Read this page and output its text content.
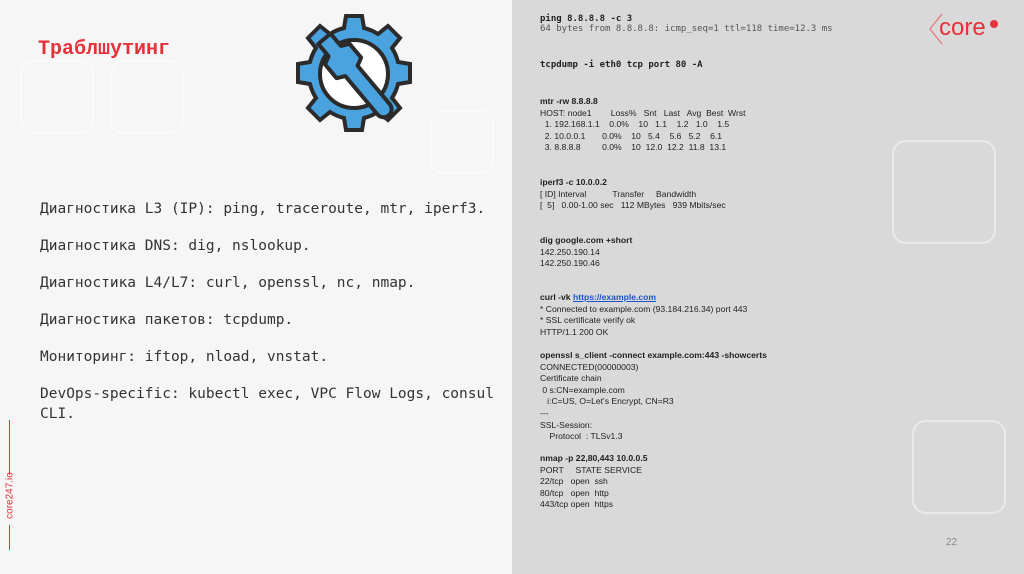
Траблшутинг
Диагностика L3 (IP): ping, traceroute, mtr, iperf3.
Диагностика DNS: dig, nslookup.
Диагностика L4/L7: curl, openssl, nc, nmap.
Диагностика пакетов: tcpdump.
Мониторинг: iftop, nload, vnstat.
DevOps-specific: kubectl exec, VPC Flow Logs, consul CLI.
core247.io
ping 8.8.8.8 -c 3
64 bytes from 8.8.8.8: icmp_seq=1 ttl=118 time=12.3 ms
tcpdump -i eth0 tcp port 80 -A
mtr -rw 8.8.8.8
HOST: node1        Loss%   Snt   Last   Avg  Best  Wrst
1. 192.168.1.1    0.0%    10   1.1    1.2   1.0    1.5
2. 10.0.0.1       0.0%    10   5.4    5.6   5.2    6.1
3. 8.8.8.8         0.0%    10  12.0  12.2  11.8  13.1
iperf3 -c 10.0.0.2
[ ID] Interval           Transfer     Bandwidth
[  5]   0.00-1.00 sec   112 MBytes   939 Mbits/sec
dig google.com +short
142.250.190.14
142.250.190.46
curl -vk https://example.com
* Connected to example.com (93.184.216.34) port 443
* SSL certificate verify ok
HTTP/1.1 200 OK
openssl s_client -connect example.com:443 -showcerts
CONNECTED(00000003)
Certificate chain
0 s:CN=example.com
i:C=US, O=Let's Encrypt, CN=R3
---
SSL-Session:
Protocol  : TLSv1.3
nmap -p 22,80,443 10.0.0.5
PORT     STATE SERVICE
22/tcp   open  ssh
80/tcp   open  http
443/tcp open  https
core
22
